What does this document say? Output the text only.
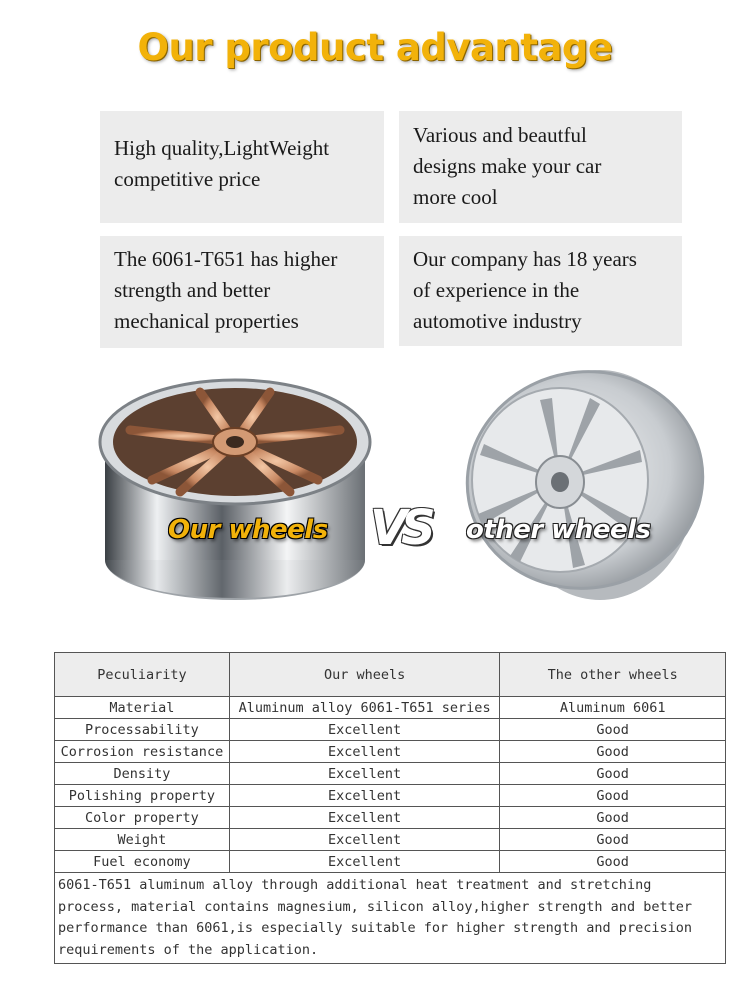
Our product advantage
High quality,LightWeight
competitive price
Various and beautful
designs make your car
more cool
The 6061-T651 has higher
strength and better
mechanical properties
Our company has 18 years
of experience in the
automotive industry
Our wheels VS other wheels
Peculiarity	Our wheels	The other wheels
Material	Aluminum alloy 6061-T651 series	Aluminum 6061
Processability	Excellent	Good
Corrosion resistance	Excellent	Good
Density	Excellent	Good
Polishing property	Excellent	Good
Color property	Excellent	Good
Weight	Excellent	Good
Fuel economy	Excellent	Good
6061-T651 aluminum alloy through additional heat treatment and stretching process, material contains magnesium, silicon alloy,higher strength and better performance than 6061,is especially suitable for higher strength and precision requirements of the application.		
